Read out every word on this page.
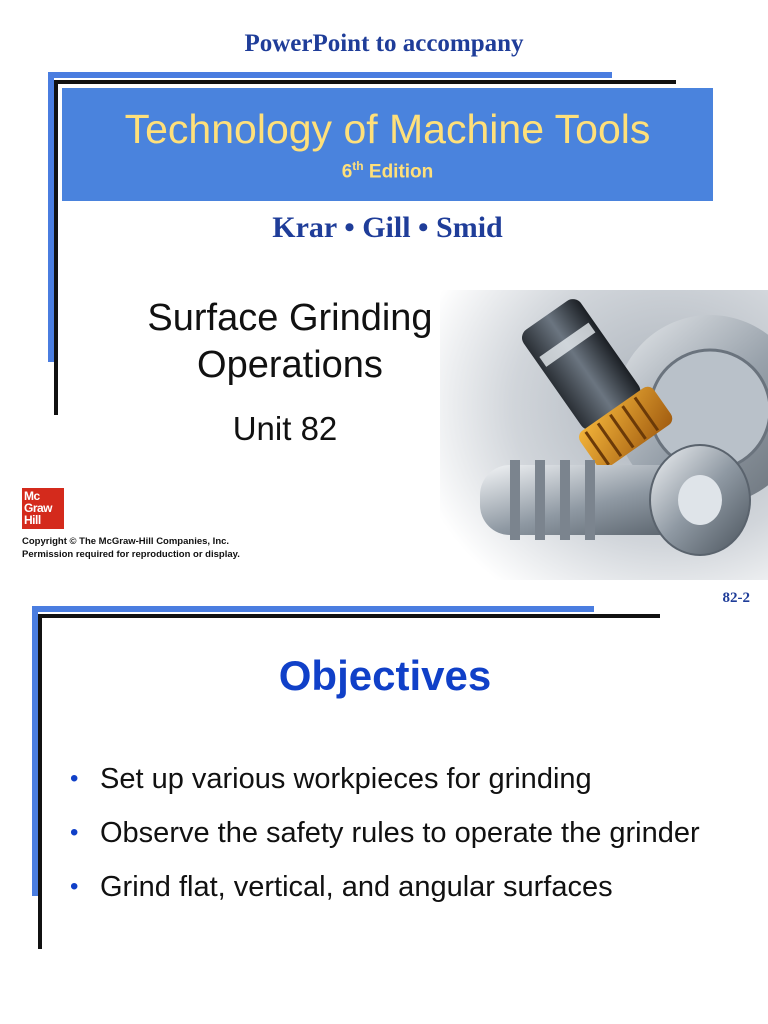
PowerPoint to accompany
Technology of Machine Tools
6th Edition
Krar • Gill • Smid
Surface Grinding
Operations
Unit 82
Mc
Graw
Hill
Copyright © The McGraw-Hill Companies, Inc.
Permission required for reproduction or display.
82-2
Objectives
• Set up various workpieces for grinding
• Observe the safety rules to operate the grinder
• Grind flat, vertical, and angular surfaces
